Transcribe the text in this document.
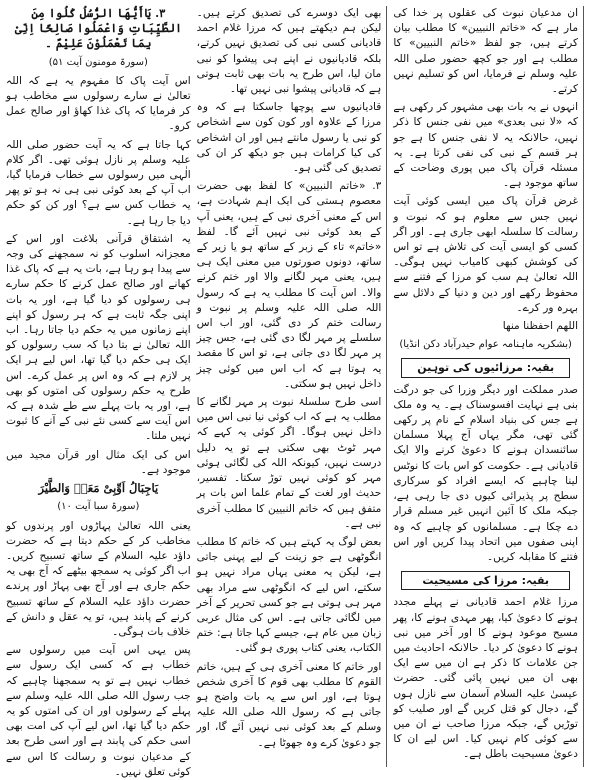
۳. یَاأَیُّھَا الرُّسُلُ کُلُوا مِنَ الطَّیِّبَاتِ وَاعْمَلُوا صَالِحًا اِنِّیْ بِمَا تَعْمَلُوْنَ عَلِیْمٌ ۔
(سورۃ مومنون آیت ۵۱)
اس آیت پاک کا مفہوم یہ ہے کہ اللہ تعالیٰ نے سارے رسولوں سے مخاطب ہو کر فرمایا کہ پاک غذا کھاؤ اور صالح عمل کرو۔
کہا جاتا ہے کہ یہ آیت حضور صلی اللہ علیہ وسلم پر نازل ہوئی تھی۔ اگر کلام الٰہی میں رسولوں سے خطاب فرمایا گیا، اب آپ کے بعد کوئی نبی ہی نہ ہو تو پھر یہ خطاب کس سے ہے؟ اور کن کو حکم دیا جا رہا ہے۔
یہ اشتقاق قرآنی بلاغت اور اس کے معجزانہ اسلوب کو نہ سمجھنے کی وجہ سے پیدا ہو رہا ہے، بات یہ ہے کہ پاک غذا کھانے اور صالح عمل کرنے کا حکم سارے ہی رسولوں کو دیا گیا ہے، اور یہ بات اپنی جگہ ثابت ہے کہ ہر رسول کو اپنے اپنے زمانوں میں یہ حکم دیا جاتا رہا۔ اب اللہ تعالیٰ نے بتا دیا کہ سب رسولوں کو ایک ہی حکم دیا گیا تھا، اس لیے ہر ایک پر لازم ہے کہ وہ اس پر عمل کرے۔ اس طرح یہ حکم رسولوں کی امتوں کو بھی ہے، اور یہ بات پہلے سے طے شدہ ہے کہ اس آیت سے کسی نئے نبی کے آنے کا ثبوت نہیں ملتا۔
اس کی ایک مثال اور قرآن مجید میں موجود ہے۔
یَاجِبَالُ اَوِّبِیْ مَعَہٗ وَالطَّیْرَ
(سورۃ سبا آیت ۱۰)
یعنی اللہ تعالیٰ پہاڑوں اور پرندوں کو مخاطب کر کے حکم دیتا ہے کہ حضرت داؤد علیہ السلام کے ساتھ تسبیح کریں۔ اب اگر کوئی یہ سمجھ بیٹھے کہ آج بھی یہ حکم جاری ہے اور آج بھی پہاڑ اور پرندے حضرت داؤد علیہ السلام کے ساتھ تسبیح کرنے کے پابند ہیں، تو یہ عقل و دانش کے خلاف بات ہوگی۔
پس یہی اس آیت میں رسولوں سے خطاب ہے کہ کسی ایک رسول سے خطاب نہیں ہے تو یہ سمجھنا چاہیے کہ جب رسول اللہ صلی اللہ علیہ وسلم سے پہلے کے رسولوں اور ان کی امتوں کو یہ حکم دیا گیا تھا، اس لیے آپ کی امت بھی اسی حکم کی پابند ہے اور اسی طرح بعد کے مدعیان نبوت و رسالت کا اس سے کوئی تعلق نہیں۔
بھی ایک دوسرے کی تصدیق کرتے ہیں۔ لیکن ہم دیکھتے ہیں کہ مرزا غلام احمد قادیانی کسی نبی کی تصدیق نہیں کرتے، بلکہ قادیانیوں نے اپنے ہی پیشوا کو نبی مان لیا، اس طرح یہ بات بھی ثابت ہوتی ہے کہ قادیانی پیشوا نبی نہیں تھا۔
قادیانیوں سے پوچھا جاسکتا ہے کہ وہ مرزا کے علاوہ اور کون کون سے اشخاص کو نبی یا رسول مانتے ہیں اور ان اشخاص کی کیا کرامات ہیں جو دیکھ کر ان کی تصدیق کی گئی ہو۔
۳. «خاتم النبیین» کا لفظ بھی حضرت معصوم ہستی کی ایک اہم شہادت ہے، اس کے معنی آخری نبی کے ہیں، یعنی آپ کے بعد کوئی نبی نہیں آئے گا۔ لفظ «خاتم» تاء کے زبر کے ساتھ ہو یا زیر کے ساتھ، دونوں صورتوں میں معنی ایک ہی ہیں، یعنی مہر لگانے والا اور ختم کرنے والا۔ اس آیت کا مطلب یہ ہے کہ رسول اللہ صلی اللہ علیہ وسلم پر نبوت و رسالت ختم کر دی گئی، اور اب اس سلسلے پر مہر لگا دی گئی ہے، جس چیز پر مہر لگا دی جاتی ہے، تو اس کا مقصد یہ ہوتا ہے کہ اب اس میں کوئی چیز داخل نہیں ہو سکتی۔
اسی طرح سلسلۂ نبوت پر مہر لگانے کا مطلب یہ ہے کہ اب کوئی نیا نبی اس میں داخل نہیں ہوگا۔ اگر کوئی یہ کہے کہ مہر ٹوٹ بھی سکتی ہے تو یہ دلیل درست نہیں، کیونکہ اللہ کی لگائی ہوئی مہر کو کوئی نہیں توڑ سکتا۔ تفسیر، حدیث اور لغت کے تمام علما اس بات پر متفق ہیں کہ خاتم النبیین کا مطلب آخری نبی ہے۔
بعض لوگ یہ کہتے ہیں کہ خاتم کا مطلب انگوٹھی ہے جو زینت کے لیے پہنی جاتی ہے، لیکن یہ معنی یہاں مراد نہیں ہو سکتے، اس لیے کہ انگوٹھی سے مراد بھی مہر ہی ہوتی ہے جو کسی تحریر کے آخر میں لگائی جاتی ہے۔ اس کی مثال عربی زبان میں عام ہے، جیسے کہا جاتا ہے: ختم الکتاب، یعنی کتاب پوری ہو گئی۔
اور خاتم کا معنی آخری ہی کے ہیں، خاتم القوم کا مطلب بھی قوم کا آخری شخص ہوتا ہے، اور اس سے یہ بات واضح ہو جاتی ہے کہ رسول اللہ صلی اللہ علیہ وسلم کے بعد کوئی نبی نہیں آئے گا، اور جو دعویٰ کرے وہ جھوٹا ہے۔
ان مدعیان نبوت کی عقلوں پر خدا کی مار ہے کہ «خاتم النبیین» کا مطلب بیان کرتے ہیں، جو لفظ «خاتم النبیین» کا مطلب ہے اور جو کچھ حضور صلی اللہ علیہ وسلم نے فرمایا، اس کو تسلیم نہیں کرتے۔
انہوں نے یہ بات بھی مشہور کر رکھی ہے کہ «لا نبی بعدی» میں نفی جنس کا ذکر نہیں، حالانکہ یہ لا نفی جنس کا ہے جو ہر قسم کے نبی کی نفی کرتا ہے۔ یہ مسئلہ قرآن پاک میں پوری وضاحت کے ساتھ موجود ہے۔
غرض قرآن پاک میں ایسی کوئی آیت نہیں جس سے معلوم ہو کہ نبوت و رسالت کا سلسلہ ابھی جاری ہے۔ اور اگر کسی کو ایسی آیت کی تلاش ہے تو اس کی کوشش کبھی کامیاب نہیں ہوگی۔ اللہ تعالیٰ ہم سب کو مرزا کے فتنے سے محفوظ رکھے اور دین و دنیا کے دلائل سے بہرہ ور کرے۔
اللھم احفظنا منھا
(بشکریہ ماہنامہ عوام حیدرآباد دکن انڈیا)
بقیہ: مرزائیوں کی توہین
صدر مملکت اور دیگر وزرا کی جو درگت بنی ہے نہایت افسوسناک ہے۔ یہ وہ ملک ہے جس کی بنیاد اسلام کے نام پر رکھی گئی تھی، مگر یہاں آج پہلا مسلمان سائنسدان ہونے کا دعویٰ کرنے والا ایک قادیانی ہے۔ حکومت کو اس بات کا نوٹس لینا چاہیے کہ ایسے افراد کو سرکاری سطح پر پذیرائی کیوں دی جا رہی ہے، جبکہ ملک کا آئین انہیں غیر مسلم قرار دے چکا ہے۔ مسلمانوں کو چاہیے کہ وہ اپنی صفوں میں اتحاد پیدا کریں اور اس فتنے کا مقابلہ کریں۔
بقیہ: مرزا کی مسیحیت
مرزا غلام احمد قادیانی نے پہلے مجدد ہونے کا دعویٰ کیا، پھر مہدی ہونے کا، پھر مسیح موعود ہونے کا اور آخر میں نبی ہونے کا دعویٰ کر دیا۔ حالانکہ احادیث میں جن علامات کا ذکر ہے ان میں سے ایک بھی ان میں نہیں پائی گئی۔ حضرت عیسیٰ علیہ السلام آسمان سے نازل ہوں گے، دجال کو قتل کریں گے اور صلیب کو توڑیں گے، جبکہ مرزا صاحب نے ان میں سے کوئی کام نہیں کیا۔ اس لیے ان کا دعویٰ مسیحیت باطل ہے۔
